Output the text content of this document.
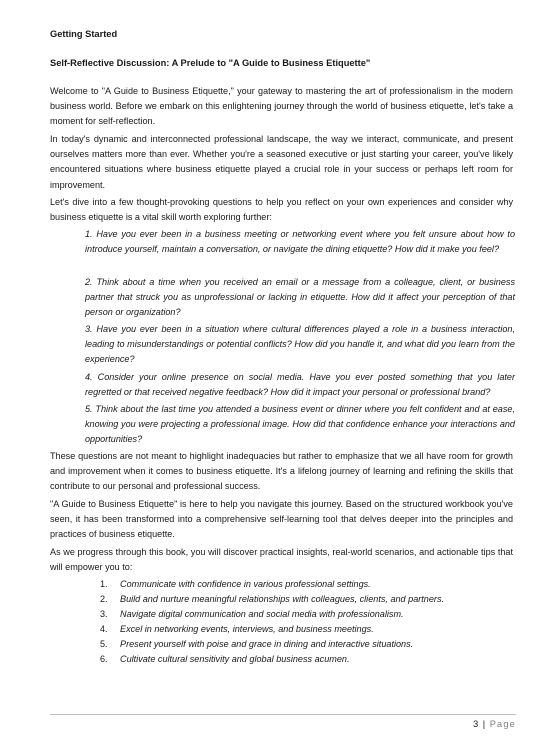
Getting Started
Self-Reflective Discussion: A Prelude to "A Guide to Business Etiquette"

Welcome to "A Guide to Business Etiquette," your gateway to mastering the art of professionalism in the modern business world. Before we embark on this enlightening journey through the world of business etiquette, let's take a moment for self-reflection.

In today's dynamic and interconnected professional landscape, the way we interact, communicate, and present ourselves matters more than ever. Whether you're a seasoned executive or just starting your career, you've likely encountered situations where business etiquette played a crucial role in your success or perhaps left room for improvement.

Let's dive into a few thought-provoking questions to help you reflect on your own experiences and consider why business etiquette is a vital skill worth exploring further:

1. Have you ever been in a business meeting or networking event where you felt unsure about how to introduce yourself, maintain a conversation, or navigate the dining etiquette? How did it make you feel?

2. Think about a time when you received an email or a message from a colleague, client, or business partner that struck you as unprofessional or lacking in etiquette. How did it affect your perception of that person or organization?

3. Have you ever been in a situation where cultural differences played a role in a business interaction, leading to misunderstandings or potential conflicts? How did you handle it, and what did you learn from the experience?

4. Consider your online presence on social media. Have you ever posted something that you later regretted or that received negative feedback? How did it impact your personal or professional brand?

5. Think about the last time you attended a business event or dinner where you felt confident and at ease, knowing you were projecting a professional image. How did that confidence enhance your interactions and opportunities?

These questions are not meant to highlight inadequacies but rather to emphasize that we all have room for growth and improvement when it comes to business etiquette. It's a lifelong journey of learning and refining the skills that contribute to our personal and professional success.

"A Guide to Business Etiquette" is here to help you navigate this journey. Based on the structured workbook you've seen, it has been transformed into a comprehensive self-learning tool that delves deeper into the principles and practices of business etiquette.

As we progress through this book, you will discover practical insights, real-world scenarios, and actionable tips that will empower you to:

1. Communicate with confidence in various professional settings.
2. Build and nurture meaningful relationships with colleagues, clients, and partners.
3. Navigate digital communication and social media with professionalism.
4. Excel in networking events, interviews, and business meetings.
5. Present yourself with poise and grace in dining and interactive situations.
6. Cultivate cultural sensitivity and global business acumen.
3 | Page
